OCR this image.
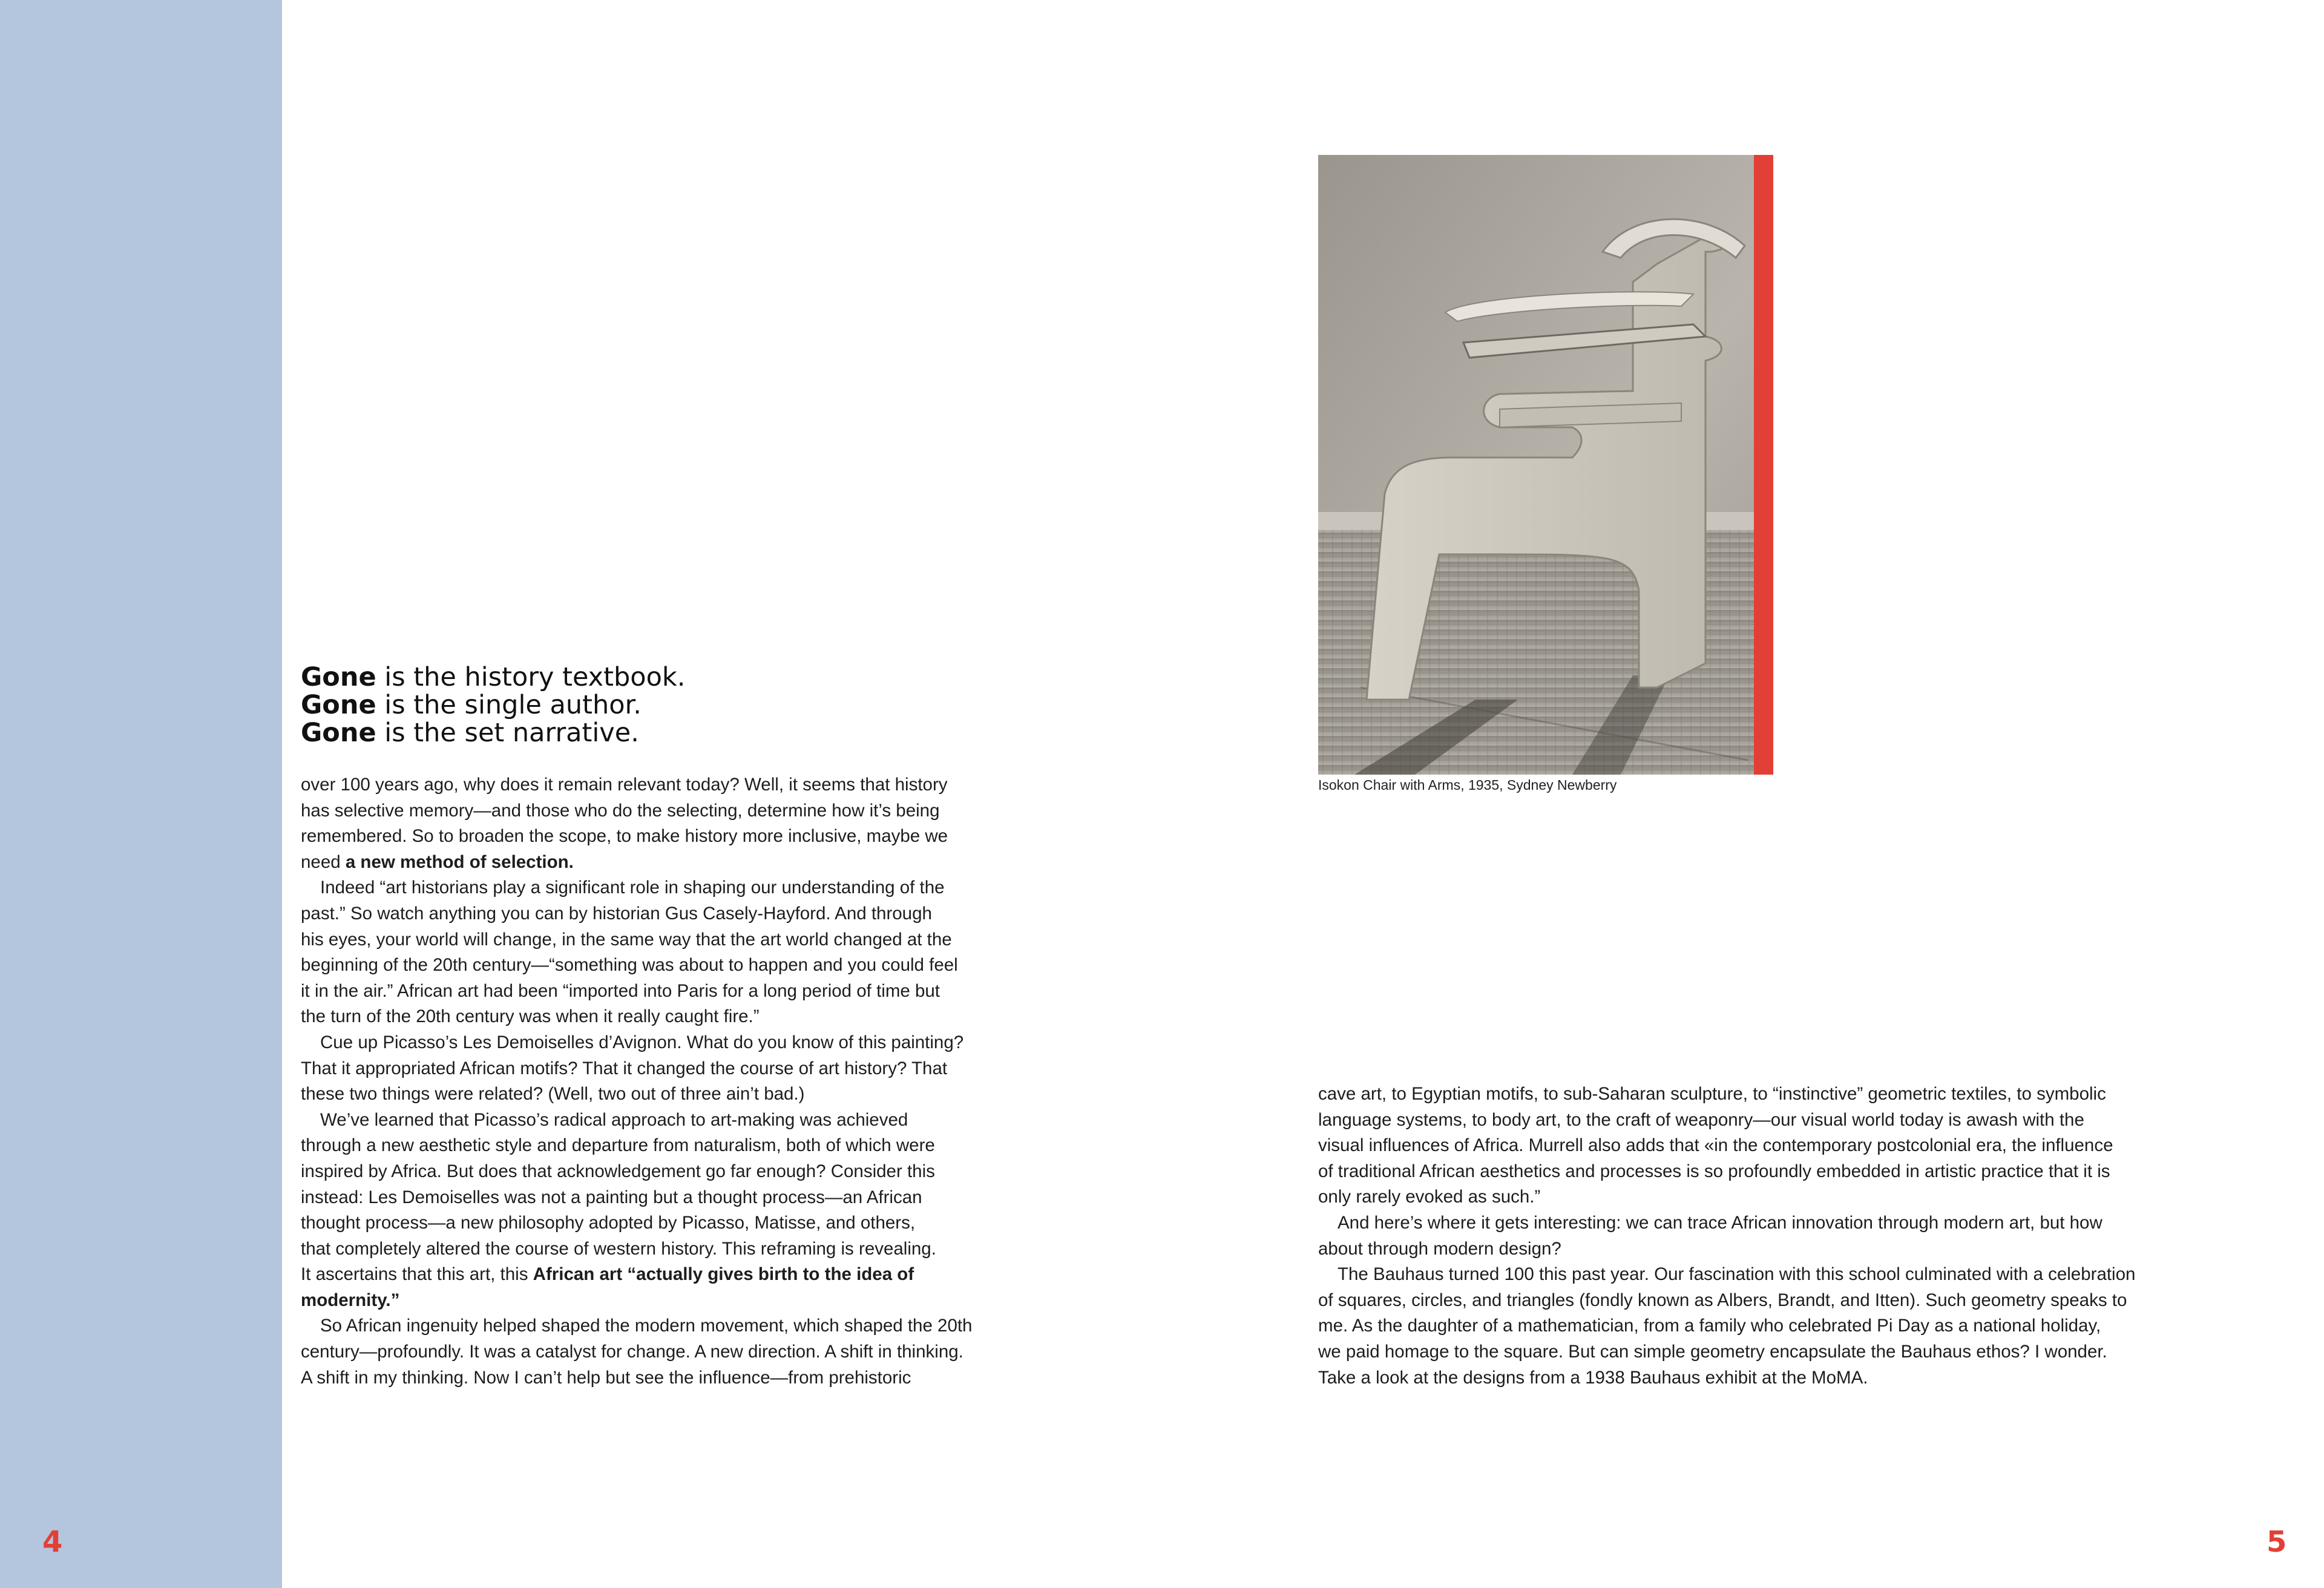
4	5
Gone is the history textbook.
Gone is the single author.
Gone is the set narrative.
over 100 years ago, why does it remain relevant today? Well, it seems that history
has selective memory—and those who do the selecting, determine how it’s being
remembered. So to broaden the scope, to make history more inclusive, maybe we
need a new method of selection.
Indeed “art historians play a significant role in shaping our understanding of the
past.” So watch anything you can by historian Gus Casely-Hayford. And through
his eyes, your world will change, in the same way that the art world changed at the
beginning of the 20th century—“something was about to happen and you could feel
it in the air.” African art had been “imported into Paris for a long period of time but
the turn of the 20th century was when it really caught fire.”
Cue up Picasso’s Les Demoiselles d’Avignon. What do you know of this painting?
That it appropriated African motifs? That it changed the course of art history? That
these two things were related? (Well, two out of three ain’t bad.)
We’ve learned that Picasso’s radical approach to art-making was achieved
through a new aesthetic style and departure from naturalism, both of which were
inspired by Africa. But does that acknowledgement go far enough? Consider this
instead: Les Demoiselles was not a painting but a thought process—an African
thought process—a new philosophy adopted by Picasso, Matisse, and others,
that completely altered the course of western history. This reframing is revealing.
It ascertains that this art, this African art “actually gives birth to the idea of
modernity.”
So African ingenuity helped shaped the modern movement, which shaped the 20th
century—profoundly. It was a catalyst for change. A new direction. A shift in thinking.
A shift in my thinking. Now I can’t help but see the influence—from prehistoric
Isokon Chair with Arms, 1935, Sydney Newberry
cave art, to Egyptian motifs, to sub-Saharan sculpture, to “instinctive” geometric textiles, to symbolic
language systems, to body art, to the craft of weaponry—our visual world today is awash with the
visual influences of Africa. Murrell also adds that «in the contemporary postcolonial era, the influence
of traditional African aesthetics and processes is so profoundly embedded in artistic practice that it is
only rarely evoked as such.”
And here’s where it gets interesting: we can trace African innovation through modern art, but how
about through modern design?
The Bauhaus turned 100 this past year. Our fascination with this school culminated with a celebration
of squares, circles, and triangles (fondly known as Albers, Brandt, and Itten). Such geometry speaks to
me. As the daughter of a mathematician, from a family who celebrated Pi Day as a national holiday,
we paid homage to the square. But can simple geometry encapsulate the Bauhaus ethos? I wonder.
Take a look at the designs from a 1938 Bauhaus exhibit at the MoMA.
